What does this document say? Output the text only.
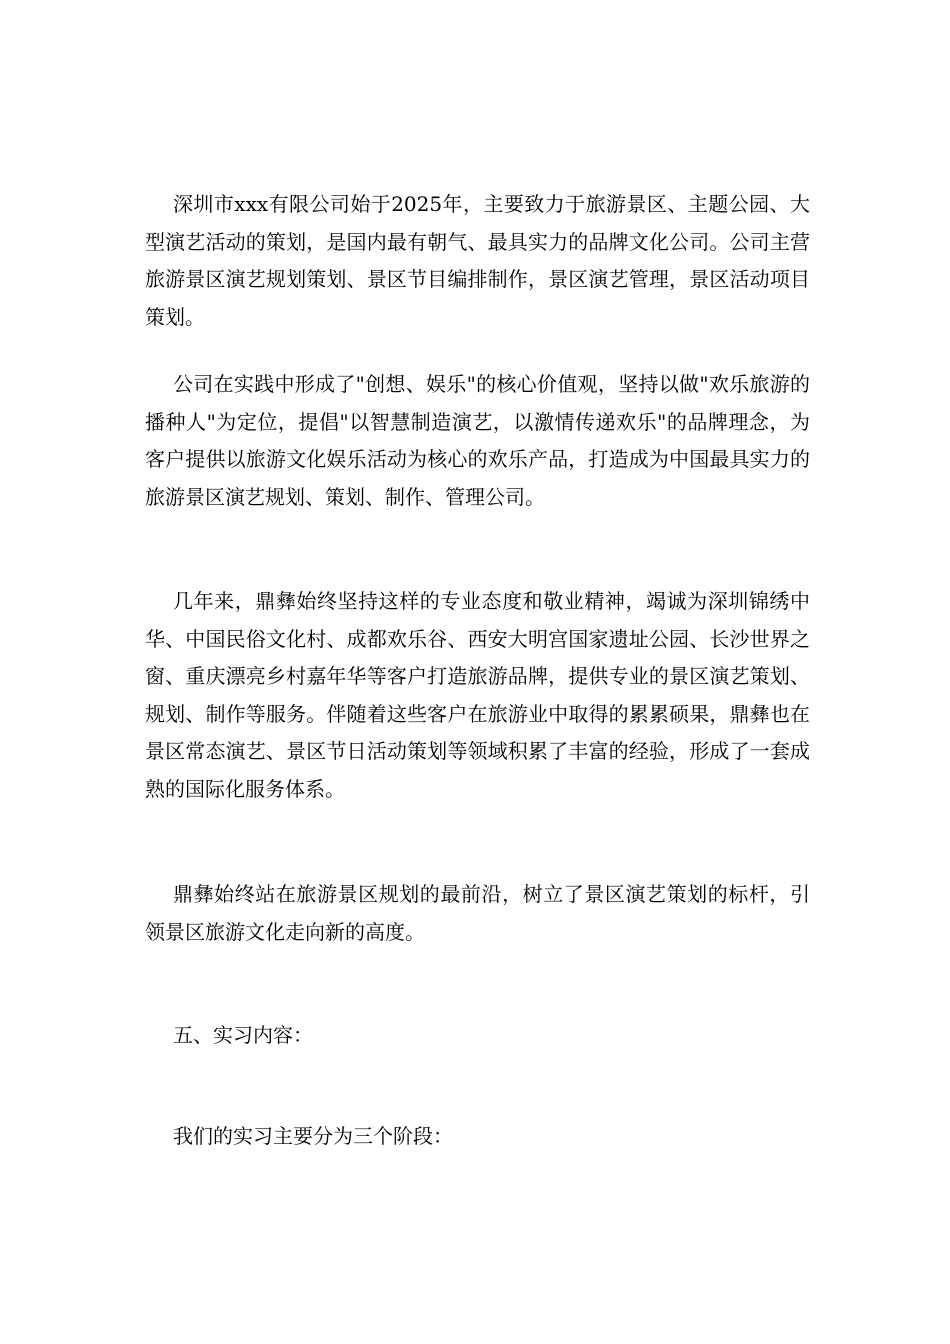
深圳市xxx有限公司始于2025年，主要致力于旅游景区、主题公园、大型演艺活动的策划，是国内最有朝气、最具实力的品牌文化公司。公司主营旅游景区演艺规划策划、景区节目编排制作，景区演艺管理，景区活动项目策划。

公司在实践中形成了"创想、娱乐"的核心价值观，坚持以做"欢乐旅游的播种人"为定位，提倡"以智慧制造演艺，以激情传递欢乐"的品牌理念，为客户提供以旅游文化娱乐活动为核心的欢乐产品，打造成为中国最具实力的旅游景区演艺规划、策划、制作、管理公司。

几年来，鼎彝始终坚持这样的专业态度和敬业精神，竭诚为深圳锦绣中华、中国民俗文化村、成都欢乐谷、西安大明宫国家遗址公园、长沙世界之窗、重庆漂亮乡村嘉年华等客户打造旅游品牌，提供专业的景区演艺策划、规划、制作等服务。伴随着这些客户在旅游业中取得的累累硕果，鼎彝也在景区常态演艺、景区节日活动策划等领域积累了丰富的经验，形成了一套成熟的国际化服务体系。

鼎彝始终站在旅游景区规划的最前沿，树立了景区演艺策划的标杆，引领景区旅游文化走向新的高度。

五、实习内容：

我们的实习主要分为三个阶段：
